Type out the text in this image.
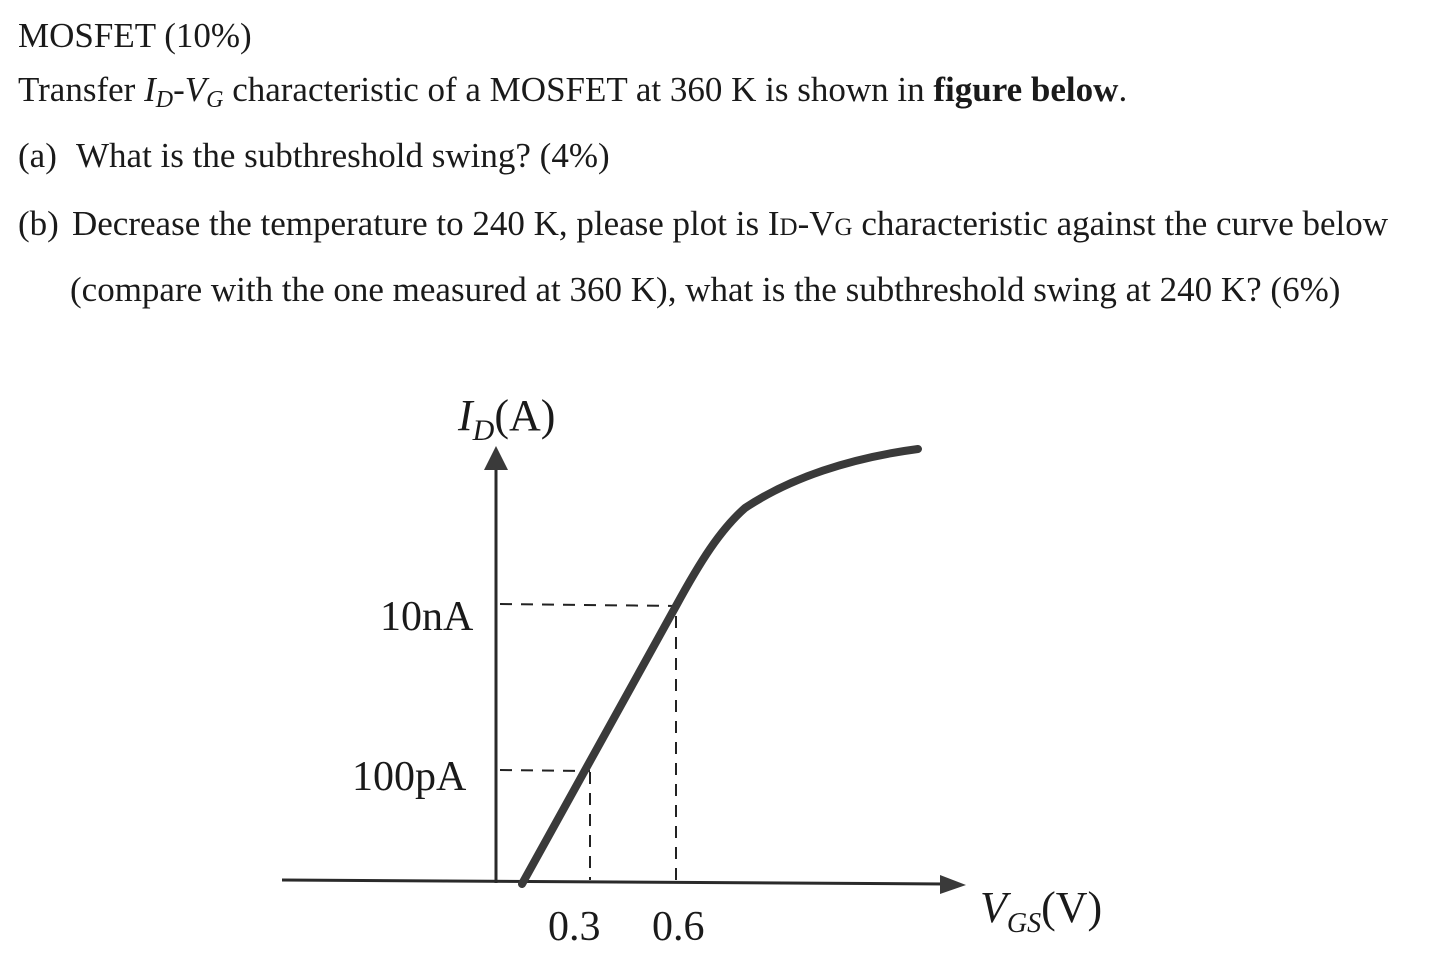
MOSFET (10%)
Transfer ID-VG characteristic of a MOSFET at 360 K is shown in figure below.
(a) What is the subthreshold swing? (4%)
(b) Decrease the temperature to 240 K, please plot is ID-VG characteristic against the curve below
(compare with the one measured at 360 K), what is the subthreshold swing at 240 K? (6%)
$I_D(A)$
10nA
100pA
0.3 0.6	$V_{GS}(V)$
